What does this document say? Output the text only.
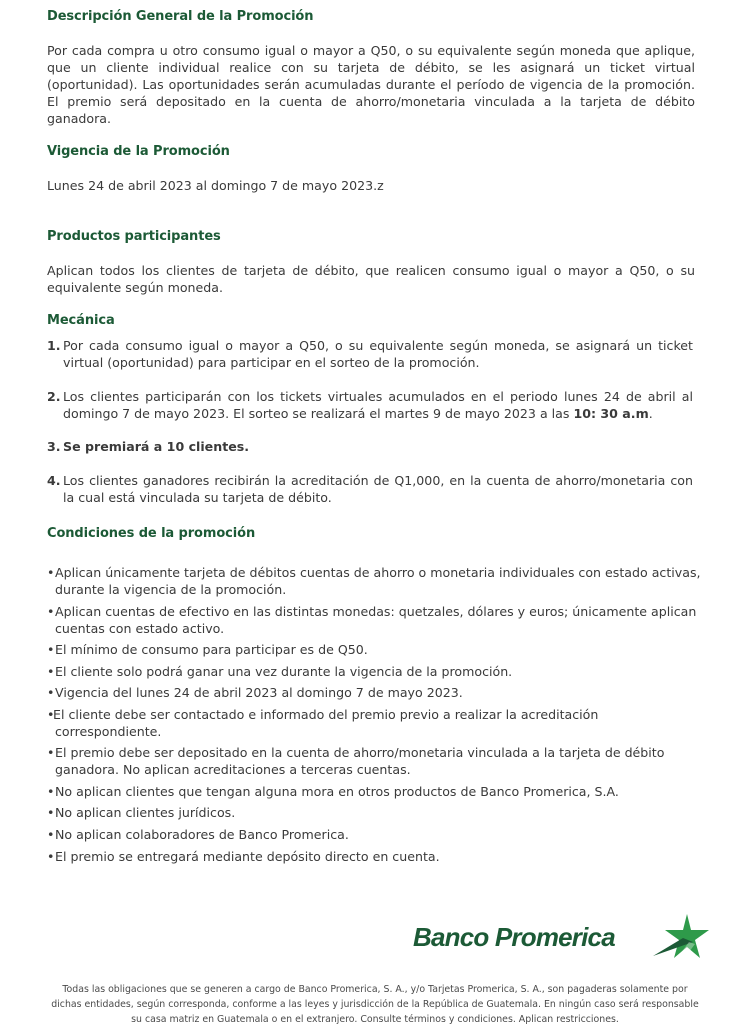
Descripción General de la Promoción

Por cada compra u otro consumo igual o mayor a Q50, o su equivalente según moneda que aplique, que un cliente individual realice con su tarjeta de débito, se les asignará un ticket virtual (oportunidad). Las oportunidades serán acumuladas durante el período de vigencia de la promoción. El premio será depositado en la cuenta de ahorro/monetaria vinculada a la tarjeta de débito ganadora.

Vigencia de la Promoción

Lunes 24 de abril 2023 al domingo 7 de mayo 2023.z

Productos participantes

Aplican todos los clientes de tarjeta de débito, que realicen consumo igual o mayor a Q50, o su equivalente según moneda.

Mecánica
1. Por cada consumo igual o mayor a Q50, o su equivalente según moneda, se asignará un ticket virtual (oportunidad) para participar en el sorteo de la promoción.
2. Los clientes participarán con los tickets virtuales acumulados en el periodo lunes 24 de abril al domingo 7 de mayo 2023. El sorteo se realizará el martes 9 de mayo 2023 a las 10: 30 a.m.
3. Se premiará a 10 clientes.
4. Los clientes ganadores recibirán la acreditación de Q1,000, en la cuenta de ahorro/monetaria con la cual está vinculada su tarjeta de débito.
Condiciones de la promoción
• Aplican únicamente tarjeta de débitos cuentas de ahorro o monetaria individuales con estado activas,
durante la vigencia de la promoción.
• Aplican cuentas de efectivo en las distintas monedas: quetzales, dólares y euros; únicamente aplican
cuentas con estado activo.
• El mínimo de consumo para participar es de Q50.
• El cliente solo podrá ganar una vez durante la vigencia de la promoción.
• Vigencia del lunes 24 de abril 2023 al domingo 7 de mayo 2023.
•
El cliente debe ser contactado e informado del premio previo a realizar la acreditación
correspondiente.
• El premio debe ser depositado en la cuenta de ahorro/monetaria vinculada a la tarjeta de débito
ganadora. No aplican acreditaciones a terceras cuentas.
• No aplican clientes que tengan alguna mora en otros productos de Banco Promerica, S.A.
• No aplican clientes jurídicos.
• No aplican colaboradores de Banco Promerica.
• El premio se entregará mediante depósito directo en cuenta.
Banco Promerica
Todas las obligaciones que se generen a cargo de Banco Promerica, S. A., y/o Tarjetas Promerica, S. A., son pagaderas solamente por
dichas entidades, según corresponda, conforme a las leyes y jurisdicción de la República de Guatemala. En ningún caso será responsable
su casa matriz en Guatemala o en el extranjero. Consulte términos y condiciones. Aplican restricciones.
